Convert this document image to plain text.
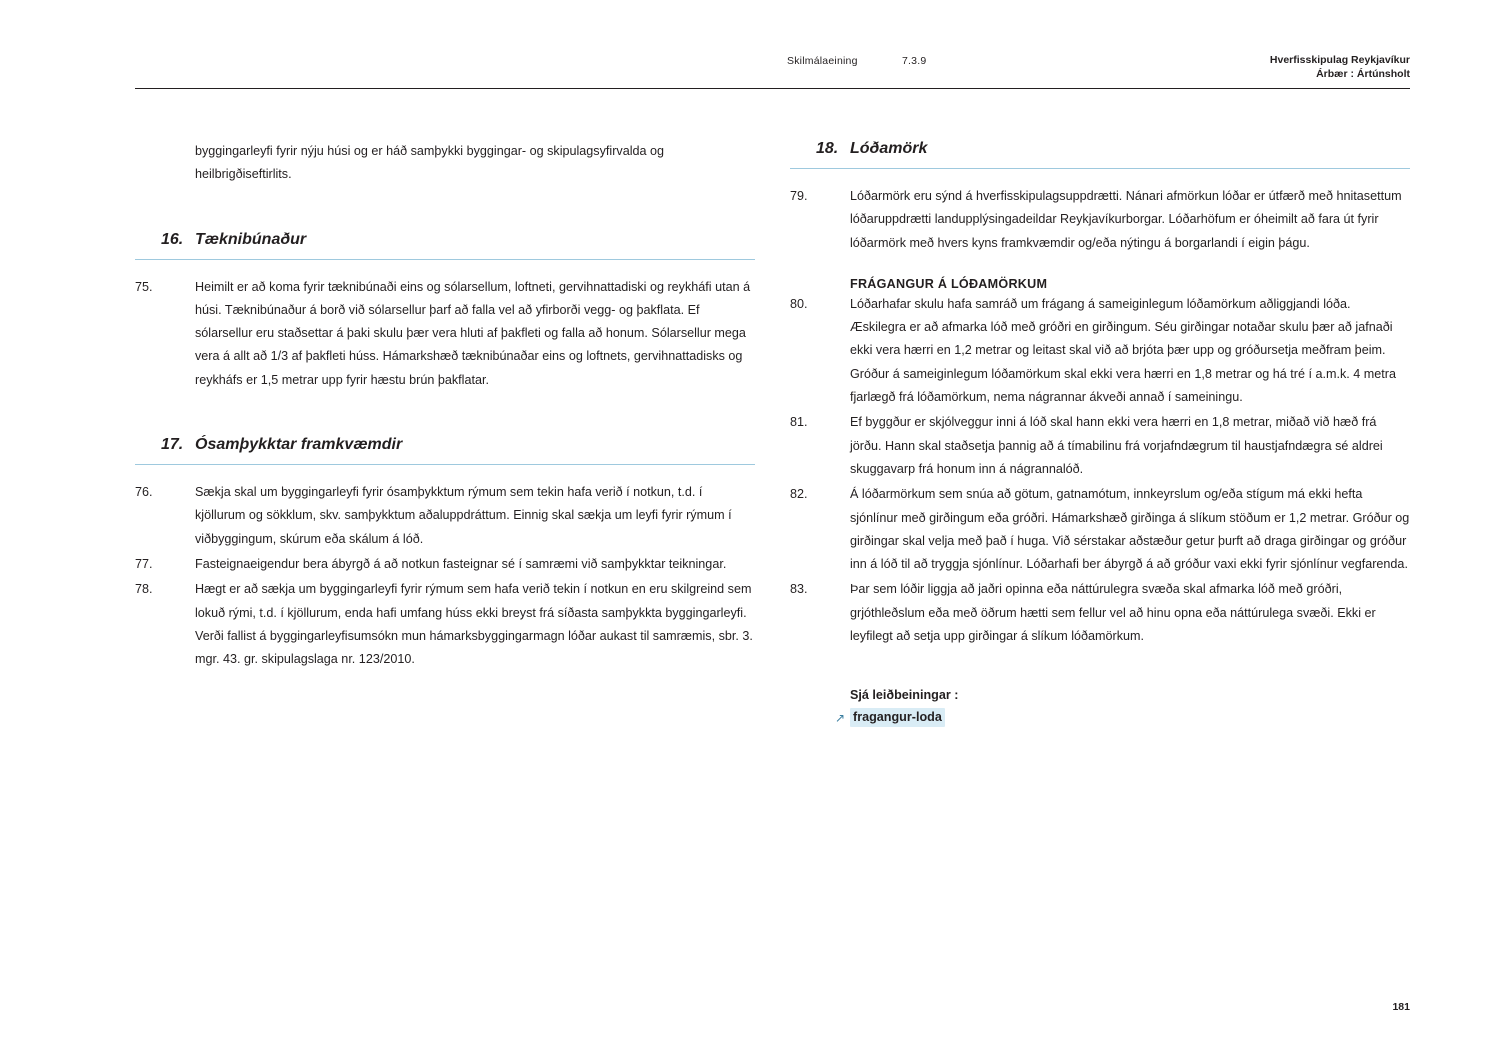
Skilmálaeining	7.3.9	Hverfisskipulag Reykjavíkur
Árbær : Ártúnsholt

byggingarleyfi fyrir nýju húsi og er háð samþykki byggingar- og skipulagsyfirvalda og heilbrigðiseftirlits.

16. Tæknibúnaður
75.	Heimilt er að koma fyrir tæknibúnaði eins og sólarsellum, loftneti, gervihnattadiski og reykháfi utan á húsi. Tæknibúnaður á borð við sólarsellur þarf að falla vel að yfirborði vegg- og þakflata. Ef sólarsellur eru staðsettar á þaki skulu þær vera hluti af þakfleti og falla að honum. Sólarsellur mega vera á allt að 1/3 af þakfleti húss. Hámarkshæð tæknibúnaðar eins og loftnets, gervihnattadisks og reykháfs er 1,5 metrar upp fyrir hæstu brún þakflatar.
17. Ósamþykktar framkvæmdir
76.	Sækja skal um byggingarleyfi fyrir ósamþykktum rýmum sem tekin hafa verið í notkun, t.d. í kjöllurum og sökklum, skv. samþykktum aðaluppdráttum. Einnig skal sækja um leyfi fyrir rýmum í viðbyggingum, skúrum eða skálum á lóð.
77.	Fasteignaeigendur bera ábyrgð á að notkun fasteignar sé í samræmi við samþykktar teikningar.
78.	Hægt er að sækja um byggingarleyfi fyrir rýmum sem hafa verið tekin í notkun en eru skilgreind sem lokuð rými, t.d. í kjöllurum, enda hafi umfang húss ekki breyst frá síðasta samþykkta byggingarleyfi. Verði fallist á byggingarleyfisumsókn mun hámarksbyggingarmagn lóðar aukast til samræmis, sbr. 3. mgr. 43. gr. skipulagslaga nr. 123/2010.
18. Lóðamörk
79.	Lóðarmörk eru sýnd á hverfisskipulagsuppdrætti. Nánari afmörkun lóðar er útfærð með hnitasettum lóðaruppdrætti landupplýsingadeildar Reykjavíkurborgar. Lóðarhöfum er óheimilt að fara út fyrir lóðarmörk með hvers kyns framkvæmdir og/eða nýtingu á borgarlandi í eigin þágu.
FRÁGANGUR Á LÓÐAMÖRKUM
80.	Lóðarhafar skulu hafa samráð um frágang á sameiginlegum lóðamörkum aðliggjandi lóða. Æskilegra er að afmarka lóð með gróðri en girðingum. Séu girðingar notaðar skulu þær að jafnaði ekki vera hærri en 1,2 metrar og leitast skal við að brjóta þær upp og gróðursetja meðfram þeim. Gróður á sameiginlegum lóðamörkum skal ekki vera hærri en 1,8 metrar og há tré í a.m.k. 4 metra fjarlægð frá lóðamörkum, nema nágrannar ákveði annað í sameiningu.
81.	Ef byggður er skjólveggur inni á lóð skal hann ekki vera hærri en 1,8 metrar, miðað við hæð frá jörðu. Hann skal staðsetja þannig að á tímabilinu frá vorjafndægrum til haustjafndægra sé aldrei skuggavarp frá honum inn á nágrannalóð.
82.	Á lóðarmörkum sem snúa að götum, gatnamótum, innkeyrslum og/eða stígum má ekki hefta sjónlínur með girðingum eða gróðri. Hámarkshæð girðinga á slíkum stöðum er 1,2 metrar. Gróður og girðingar skal velja með það í huga. Við sérstakar aðstæður getur þurft að draga girðingar og gróður inn á lóð til að tryggja sjónlínur. Lóðarhafi ber ábyrgð á að gróður vaxi ekki fyrir sjónlínur vegfarenda.
83.	Þar sem lóðir liggja að jaðri opinna eða náttúrulegra svæða skal afmarka lóð með gróðri, grjóthleðslum eða með öðrum hætti sem fellur vel að hinu opna eða náttúrulega svæði. Ekki er leyfilegt að setja upp girðingar á slíkum lóðamörkum.
Sjá leiðbeiningar :
↗ fragangur-loda
181
